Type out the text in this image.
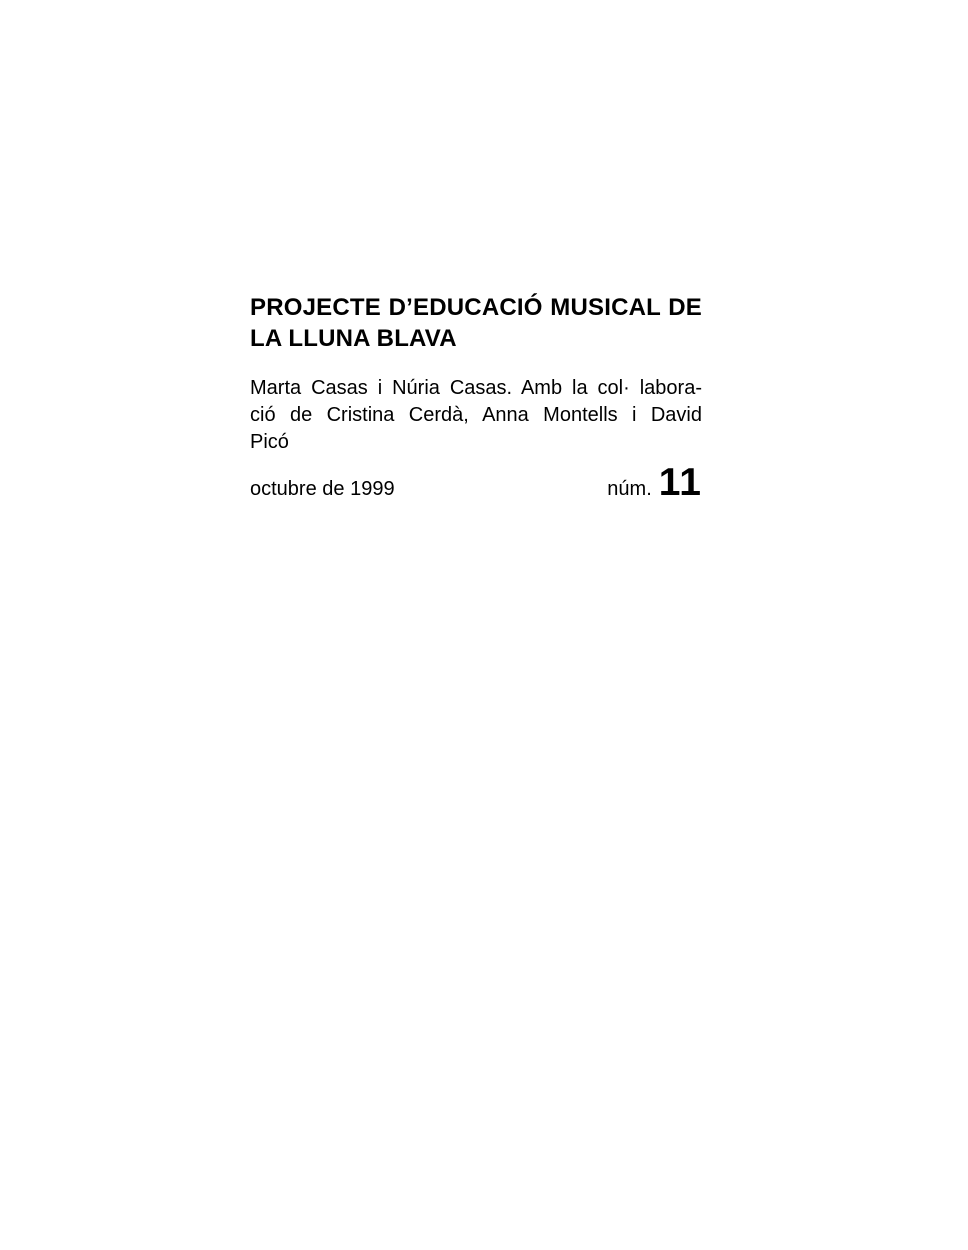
PROJECTE D’EDUCACIÓ MUSICAL DE
LA LLUNA BLAVA
Marta Casas i Núria Casas. Amb la col· labora-
ció de Cristina Cerdà, Anna Montells i David
Picó
octubre de 1999	núm. 11
